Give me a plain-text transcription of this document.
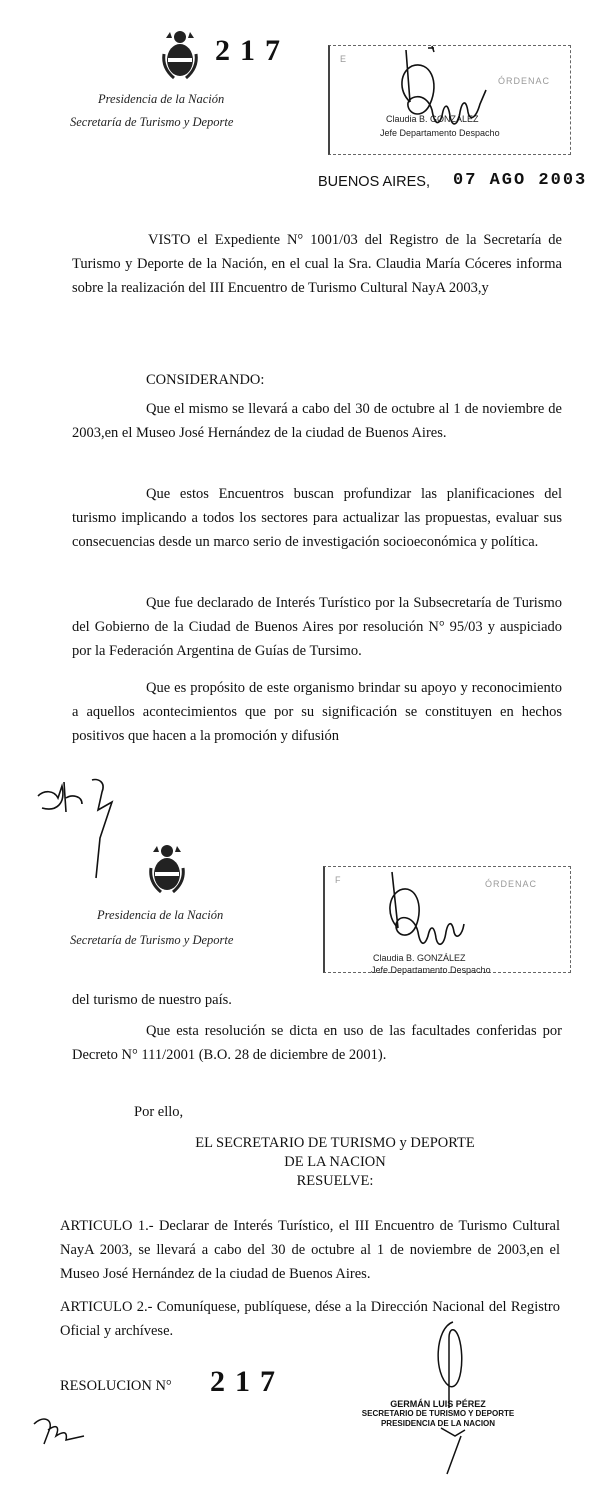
217
Presidencia de la Nación
Secretaría de Turismo y Deporte
E
ÓRDENAC
Claudia B. GONZÁLEZ
Jefe Departamento Despacho
BUENOS AIRES, 07 AGO 2003
VISTO el Expediente N° 1001/03 del Registro de la Secretaría de Turismo y Deporte de la Nación, en el cual la Sra. Claudia María Cóceres informa sobre la realización del III Encuentro de Turismo Cultural NayA 2003,y
CONSIDERANDO:
Que el mismo se llevará a cabo del 30 de octubre al 1 de noviembre de 2003,en el Museo José Hernández de la ciudad de Buenos Aires.
Que estos Encuentros buscan profundizar las planificaciones del turismo implicando a todos los sectores para actualizar las propuestas, evaluar sus consecuencias desde un marco serio de investigación socioeconómica y política.
Que fue declarado de Interés Turístico por la Subsecretaría de Turismo del Gobierno de la Ciudad de Buenos Aires por resolución N° 95/03 y auspiciado por la Federación Argentina de Guías de Tursimo.
Que es propósito de este organismo brindar su apoyo y reconocimiento a aquellos acontecimientos que por su significación se constituyen en hechos positivos que hacen a la promoción y difusión
Presidencia de la Nación
Secretaría de Turismo y Deporte
F	ÓRDENAC
Claudia B. GONZÁLEZ
Jefe Departamento Despacho
del turismo de nuestro país.
Que esta resolución se dicta en uso de las facultades conferidas por Decreto N° 111/2001 (B.O. 28 de diciembre de 2001).
Por ello,
EL SECRETARIO DE TURISMO y DEPORTE
DE LA NACION
RESUELVE:
ARTICULO 1.- Declarar de Interés Turístico, el III Encuentro de Turismo Cultural NayA 2003, se llevará a cabo del 30 de octubre al 1 de noviembre de 2003,en el Museo José Hernández de la ciudad de Buenos Aires.
ARTICULO 2.- Comuníquese, publíquese, dése a la Dirección Nacional del Registro Oficial y archívese.
RESOLUCION N° 217
GERMÁN LUIS PÉREZ
SECRETARIO DE TURISMO Y DEPORTE
PRESIDENCIA DE LA NACION
